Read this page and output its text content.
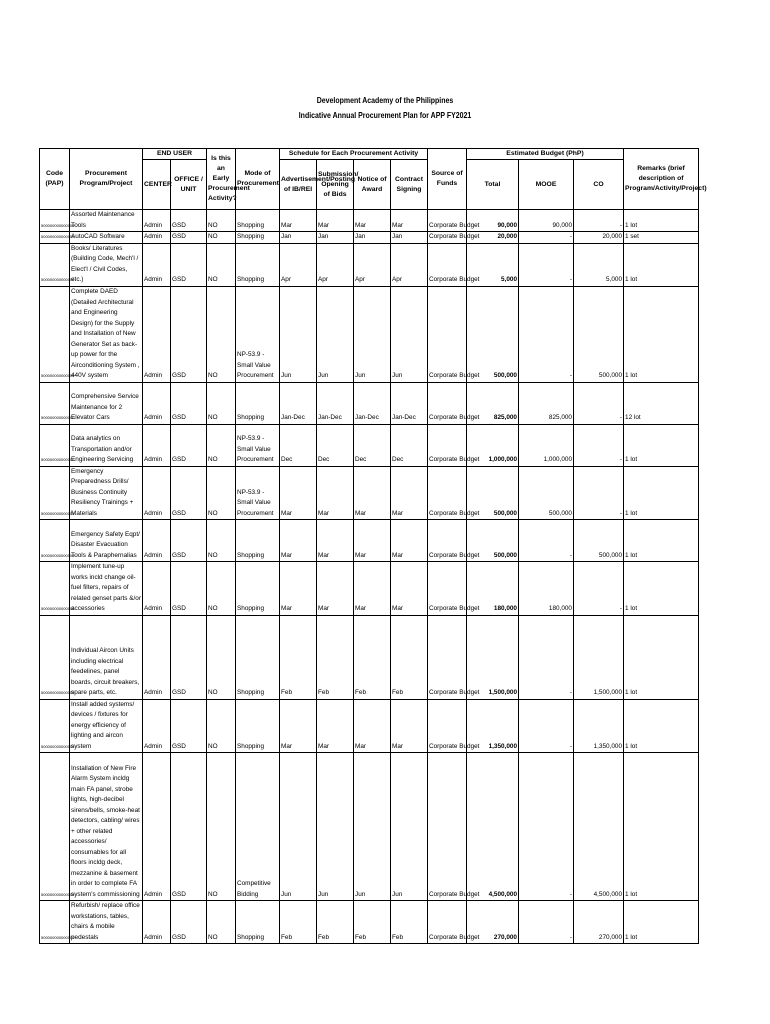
Development Academy of the Philippines
Indicative Annual Procurement Plan for APP FY2021
Code (PAP)	Procurement Program/Project	END USER		Is this an Early Procurement Activity?	Mode of Procurement	Schedule for Each Procurement Activity				Source of Funds	Estimated Budget (PhP)			Remarks (brief description of Program/Activity/Project)
		CENTER	OFFICE / UNIT			Advertisement/Posting of IB/REI	Submission/ Opening of Bids	Notice of Award	Contract Signing		Total	MOOE	CO	
500000000000000	Assorted Maintenance Tools	Admin	GSD	NO	Shopping	Mar	Mar	Mar	Mar	Corporate Budget	90,000	90,000	-	1 lot
500000000000000	AutoCAD Software	Admin	GSD	NO	Shopping	Jan	Jan	Jan	Jan	Corporate Budget	20,000	-	20,000	1 set
500000000000000	Books/ Literatures (Building Code, Mech'l / Elect'l / Civil Codes, etc.)	Admin	GSD	NO	Shopping	Apr	Apr	Apr	Apr	Corporate Budget	5,000	-	5,000	1 lot
500000000000000	Complete DAED (Detailed Architectural and Engineering Design) for the Supply and Installation of New Generator Set as back-up power for the Airconditioning System , 440V system	Admin	GSD	NO	NP-53.9 - Small Value Procurement	Jun	Jun	Jun	Jun	Corporate Budget	500,000	-	500,000	1 lot
500000000000000	Comprehensive Service Maintenance for 2 Elevator Cars	Admin	GSD	NO	Shopping	Jan-Dec	Jan-Dec	Jan-Dec	Jan-Dec	Corporate Budget	825,000	825,000	-	12 lot
500000000000000	Data analytics on Transportation and/or Engineering Servicing	Admin	GSD	NO	NP-53.9 - Small Value Procurement	Dec	Dec	Dec	Dec	Corporate Budget	1,000,000	1,000,000	-	1 lot
500000000000000	Emergency Preparedness Drills/ Business Continuity Resiliency Trainings + Materials	Admin	GSD	NO	NP-53.9 - Small Value Procurement	Mar	Mar	Mar	Mar	Corporate Budget	500,000	500,000	-	1 lot
500000000000000	Emergency Safety Eqpt/ Disaster Evacuation Tools & Paraphernalias	Admin	GSD	NO	Shopping	Mar	Mar	Mar	Mar	Corporate Budget	500,000	-	500,000	1 lot
500000000000000	Implement tune-up works incld change oil-fuel filters, repairs of related genset parts &/or accessories	Admin	GSD	NO	Shopping	Mar	Mar	Mar	Mar	Corporate Budget	180,000	180,000	-	1 lot
500000000000000	Individual Aircon Units including electrical feedelines, panel boards, circuit breakers, spare parts, etc.	Admin	GSD	NO	Shopping	Feb	Feb	Feb	Feb	Corporate Budget	1,500,000	-	1,500,000	1 lot
500000000000000	Install added systems/ devices / fixtures for energy efficiency of lighting and aircon system	Admin	GSD	NO	Shopping	Mar	Mar	Mar	Mar	Corporate Budget	1,350,000	-	1,350,000	1 lot
500000000000000	Installation of New Fire Alarm System incldg main FA panel, strobe lights, high-decibel sirens/bells, smoke-heat detectors, cabling/ wires + other related accessories/ consumables for all floors incldg deck, mezzanine & basement in order to complete FA system's commissioning	Admin	GSD	NO	Competitive Bidding	Jun	Jun	Jun	Jun	Corporate Budget	4,500,000	-	4,500,000	1 lot
500000000000000	Refurbish/ replace office workstations, tables, chairs & mobile pedestals	Admin	GSD	NO	Shopping	Feb	Feb	Feb	Feb	Corporate Budget	270,000	-	270,000	1 lot
